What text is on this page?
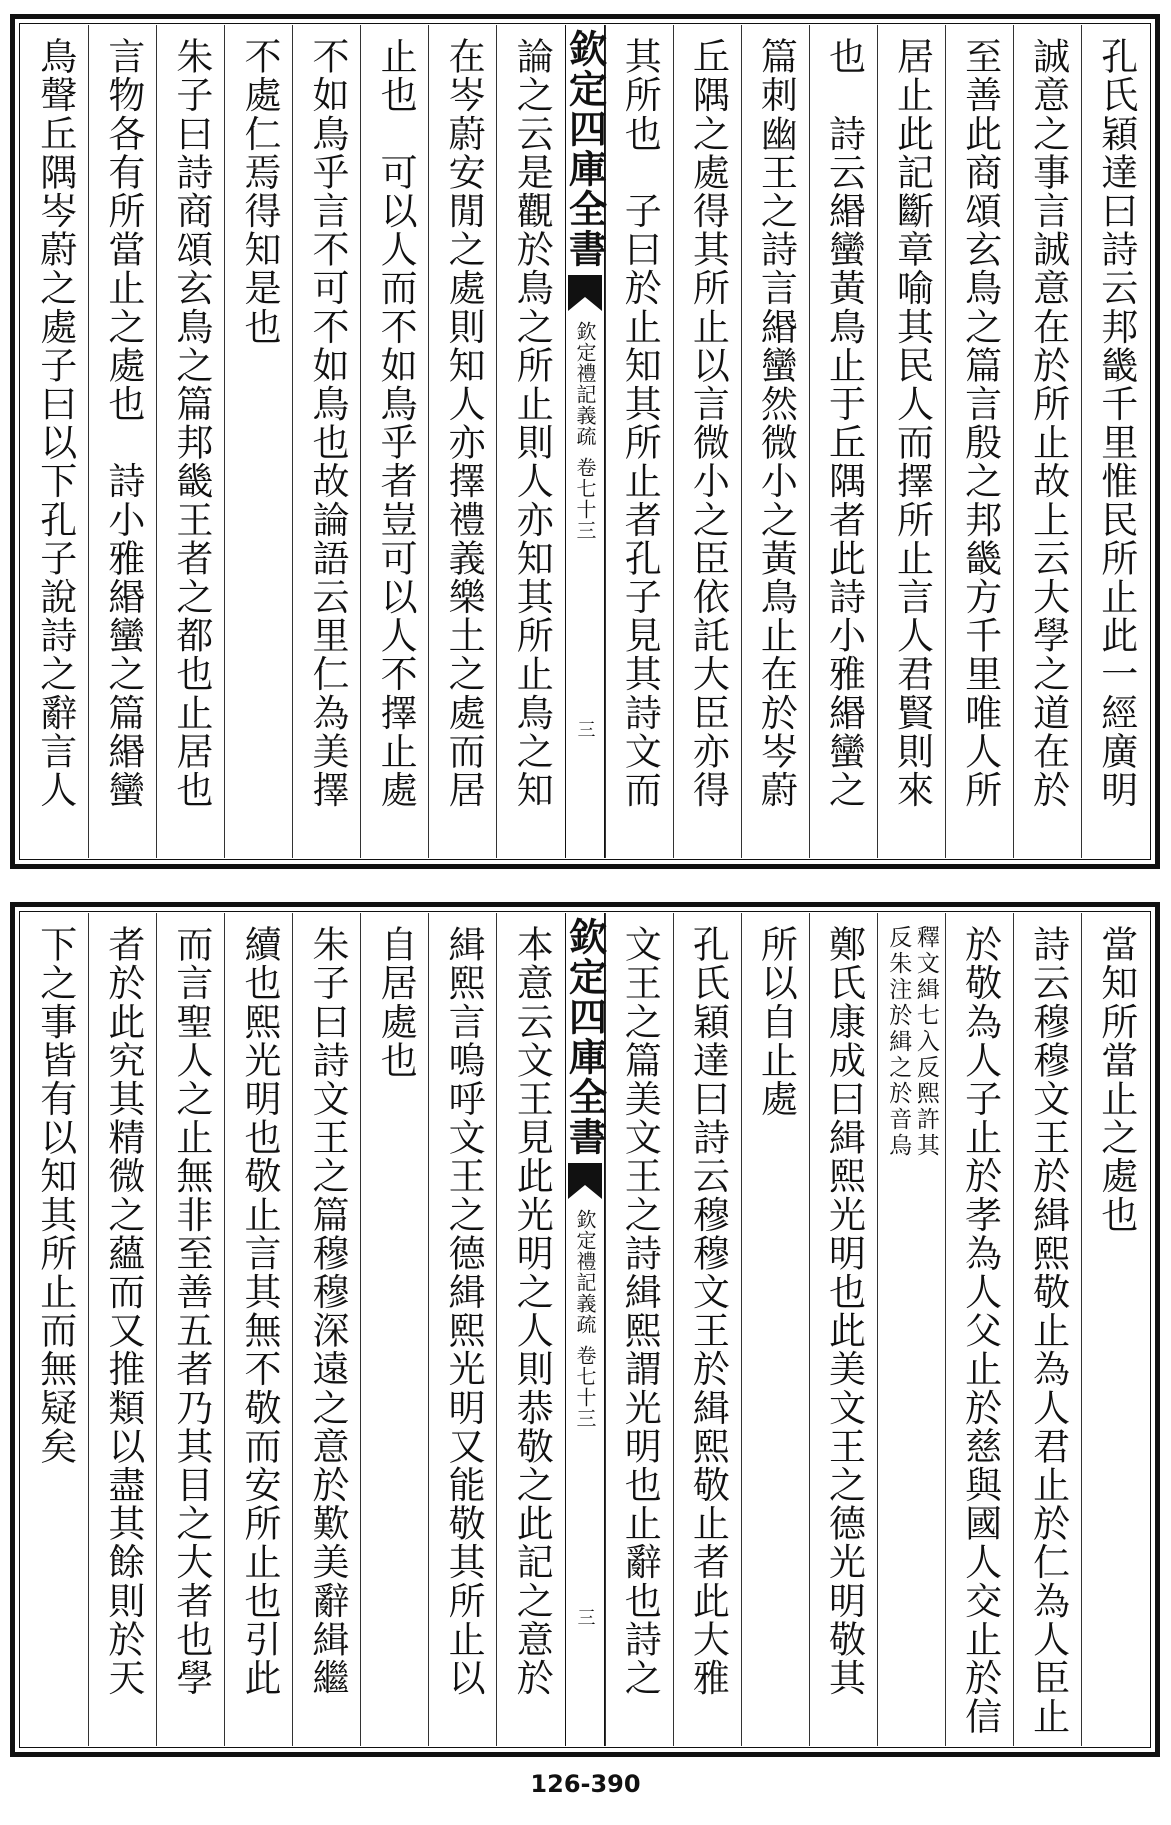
孔氏穎達曰詩云邦畿千里惟民所止此一經廣明
誠意之事言誠意在於所止故上云大學之道在於
至善此商頌玄鳥之篇言殷之邦畿方千里唯人所
居止此記斷章喻其民人而擇所止言人君賢則來
也　詩云緡蠻黃鳥止于丘隅者此詩小雅緡蠻之
篇刺幽王之詩言緡蠻然微小之黃鳥止在於岑蔚
丘隅之處得其所止以言微小之臣依託大臣亦得
其所也　子曰於止知其所止者孔子見其詩文而
欽定四庫全書
欽定禮記義疏
卷七十三
三
論之云是觀於鳥之所止則人亦知其所止鳥之知
在岑蔚安閒之處則知人亦擇禮義樂土之處而居
止也　可以人而不如鳥乎者豈可以人不擇止處
不如鳥乎言不可不如鳥也故論語云里仁為美擇
不處仁焉得知是也
朱子曰詩商頌玄鳥之篇邦畿王者之都也止居也
言物各有所當止之處也　詩小雅緡蠻之篇緡蠻
鳥聲丘隅岑蔚之處子曰以下孔子說詩之辭言人
當知所當止之處也
詩云穆穆文王於緝熙敬止為人君止於仁為人臣止
於敬為人子止於孝為人父止於慈與國人交止於信
釋文緝七入反熙許其
反朱注於緝之於音烏
鄭氏康成曰緝熙光明也此美文王之德光明敬其
所以自止處
孔氏穎達曰詩云穆穆文王於緝熙敬止者此大雅
文王之篇美文王之詩緝熙謂光明也止辭也詩之
欽定四庫全書
欽定禮記義疏
卷七十三
三
本意云文王見此光明之人則恭敬之此記之意於
緝熙言嗚呼文王之德緝熙光明又能敬其所止以
自居處也
朱子曰詩文王之篇穆穆深遠之意於歎美辭緝繼
續也熙光明也敬止言其無不敬而安所止也引此
而言聖人之止無非至善五者乃其目之大者也學
者於此究其精微之蘊而又推類以盡其餘則於天
下之事皆有以知其所止而無疑矣
126-390
